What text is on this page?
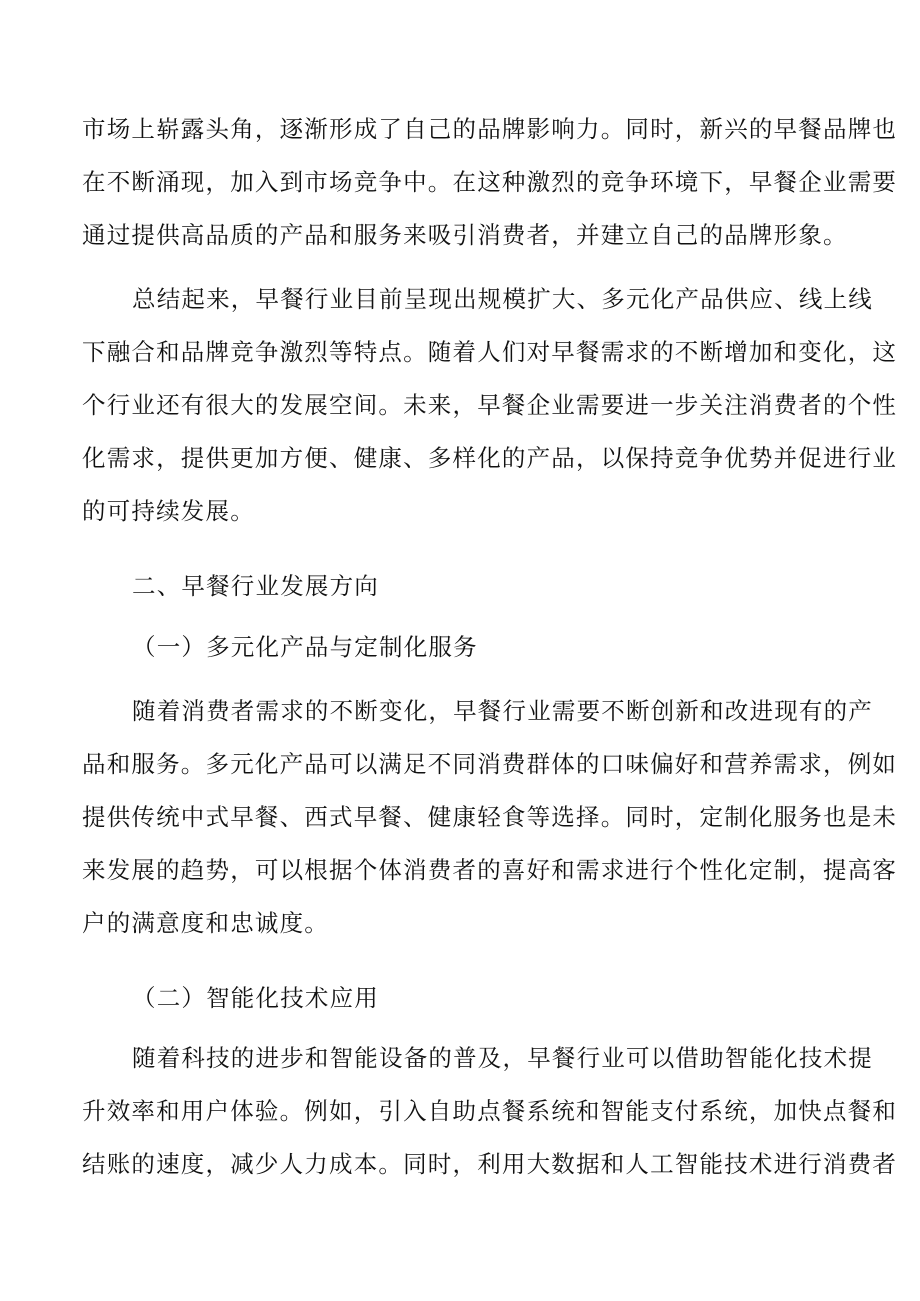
市场上崭露头角，逐渐形成了自己的品牌影响力。同时，新兴的早餐品牌也
在不断涌现，加入到市场竞争中。在这种激烈的竞争环境下，早餐企业需要
通过提供高品质的产品和服务来吸引消费者，并建立自己的品牌形象。
总结起来，早餐行业目前呈现出规模扩大、多元化产品供应、线上线
下融合和品牌竞争激烈等特点。随着人们对早餐需求的不断增加和变化，这
个行业还有很大的发展空间。未来，早餐企业需要进一步关注消费者的个性
化需求，提供更加方便、健康、多样化的产品，以保持竞争优势并促进行业
的可持续发展。
二、早餐行业发展方向
（一）多元化产品与定制化服务
随着消费者需求的不断变化，早餐行业需要不断创新和改进现有的产
品和服务。多元化产品可以满足不同消费群体的口味偏好和营养需求，例如
提供传统中式早餐、西式早餐、健康轻食等选择。同时，定制化服务也是未
来发展的趋势，可以根据个体消费者的喜好和需求进行个性化定制，提高客
户的满意度和忠诚度。
（二）智能化技术应用
随着科技的进步和智能设备的普及，早餐行业可以借助智能化技术提
升效率和用户体验。例如，引入自助点餐系统和智能支付系统，加快点餐和
结账的速度，减少人力成本。同时，利用大数据和人工智能技术进行消费者
